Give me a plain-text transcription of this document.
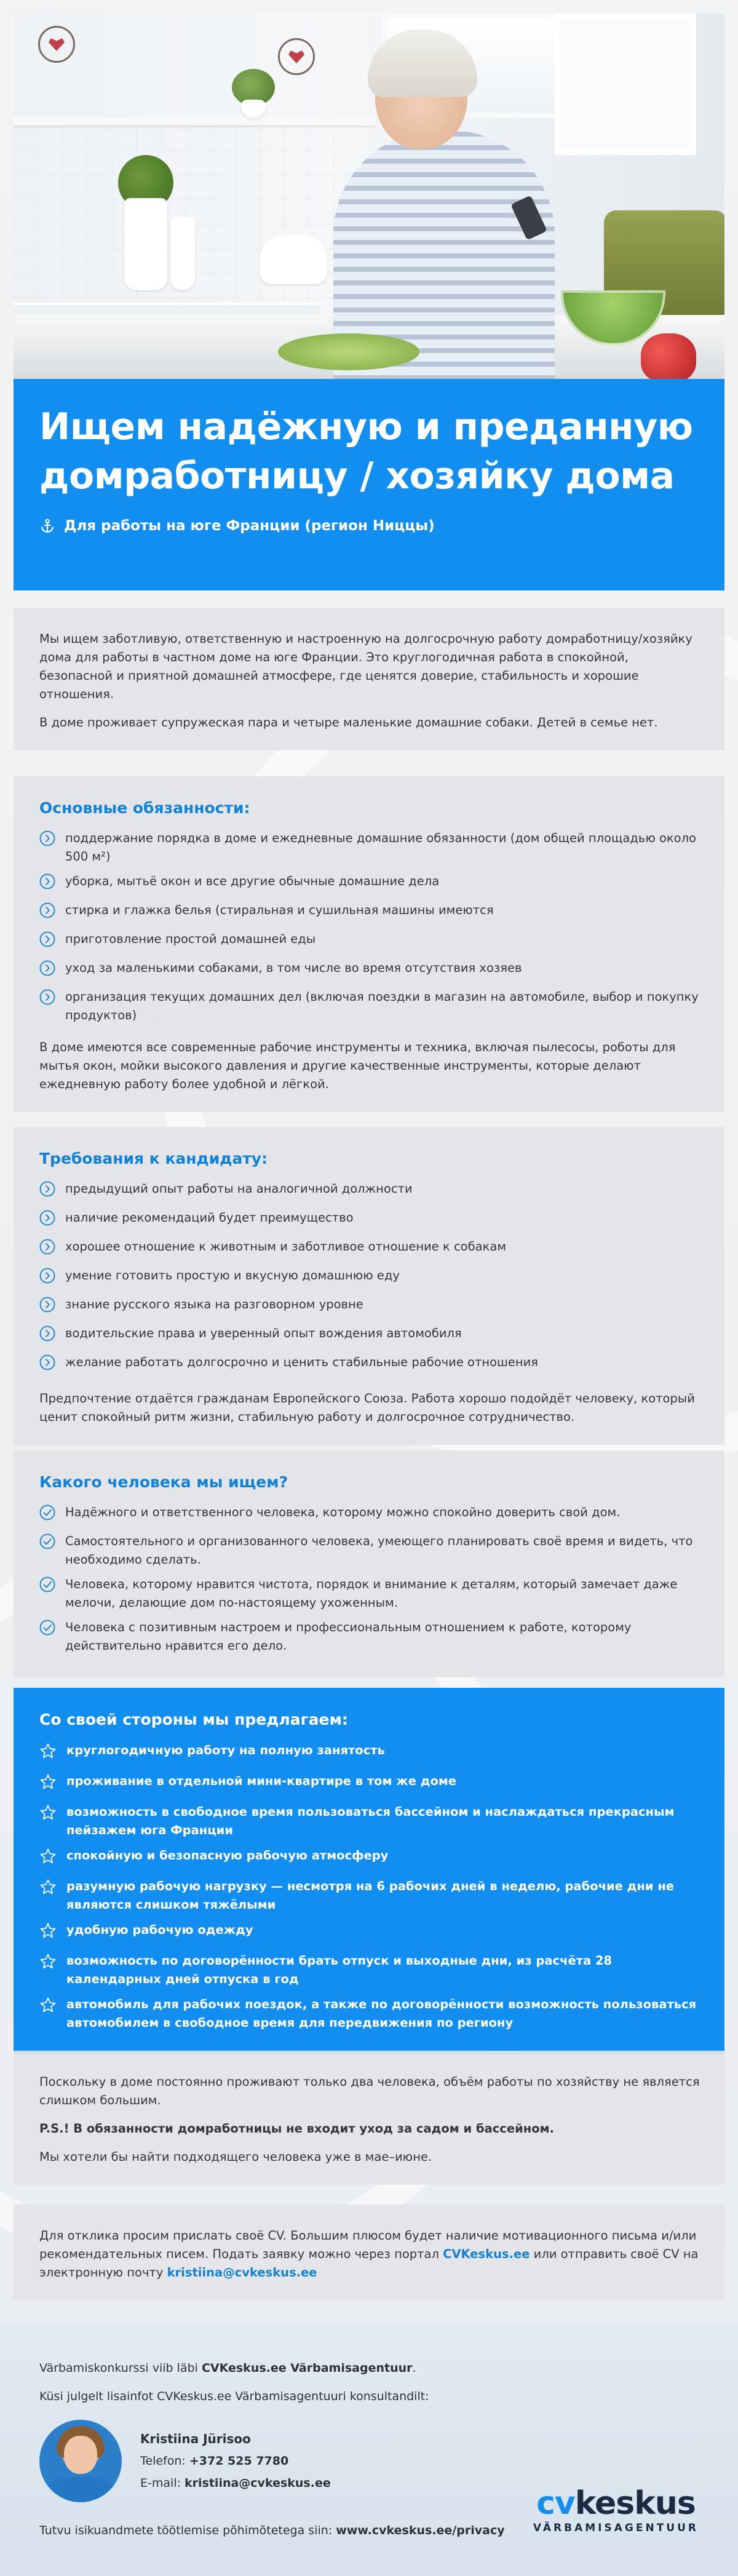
Ищем надёжную и преданную домработницу / хозяйку дома
Для работы на юге Франции (регион Ниццы)

Мы ищем заботливую, ответственную и настроенную на долгосрочную работу домработницу/хозяйку дома для работы в частном доме на юге Франции. Это круглогодичная работа в спокойной, безопасной и приятной домашней атмосфере, где ценятся доверие, стабильность и хорошие отношения.

В доме проживает супружеская пара и четыре маленькие домашние собаки. Детей в семье нет.

Основные обязанности:
поддержание порядка в доме и ежедневные домашние обязанности (дом общей площадью около 500 м²)
уборка, мытьё окон и все другие обычные домашние дела
стирка и глажка белья (стиральная и сушильная машины имеются
приготовление простой домашней еды
уход за маленькими собаками, в том числе во время отсутствия хозяев
организация текущих домашних дел (включая поездки в магазин на автомобиле, выбор и покупку продуктов)

В доме имеются все современные рабочие инструменты и техника, включая пылесосы, роботы для мытья окон, мойки высокого давления и другие качественные инструменты, которые делают ежедневную работу более удобной и лёгкой.

Требования к кандидату:
предыдущий опыт работы на аналогичной должности
наличие рекомендаций будет преимущество
хорошее отношение к животным и заботливое отношение к собакам
умение готовить простую и вкусную домашнюю еду
знание русского языка на разговорном уровне
водительские права и уверенный опыт вождения автомобиля
желание работать долгосрочно и ценить стабильные рабочие отношения

Предпочтение отдаётся гражданам Европейского Союза. Работа хорошо подойдёт человеку, который ценит спокойный ритм жизни, стабильную работу и долгосрочное сотрудничество.

Какого человека мы ищем?
Надёжного и ответственного человека, которому можно спокойно доверить свой дом.
Самостоятельного и организованного человека, умеющего планировать своё время и видеть, что необходимо сделать.
Человека, которому нравится чистота, порядок и внимание к деталям, который замечает даже мелочи, делающие дом по-настоящему ухоженным.
Человека с позитивным настроем и профессиональным отношением к работе, которому действительно нравится его дело.
Со своей стороны мы предлагаем:
круглогодичную работу на полную занятость
проживание в отдельной мини-квартире в том же доме
возможность в свободное время пользоваться бассейном и наслаждаться прекрасным пейзажем юга Франции
спокойную и безопасную рабочую атмосферу
разумную рабочую нагрузку — несмотря на 6 рабочих дней в неделю, рабочие дни не являются слишком тяжёлыми
удобную рабочую одежду
возможность по договорённости брать отпуск и выходные дни, из расчёта 28 календарных дней отпуска в год
автомобиль для рабочих поездок, а также по договорённости возможность пользоваться автомобилем в свободное время для передвижения по региону

Поскольку в доме постоянно проживают только два человека, объём работы по хозяйству не является слишком большим.

P.S.! В обязанности домработницы не входит уход за садом и бассейном.

Мы хотели бы найти подходящего человека уже в мае–июне.

Для отклика просим прислать своё CV. Большим плюсом будет наличие мотивационного письма и/или рекомендательных писем. Подать заявку можно через портал CVKeskus.ee или отправить своё CV на электронную почту kristiina@cvkeskus.ee

Värbamiskonkurssi viib läbi CVKeskus.ee Värbamisagentuur.
Küsi julgelt lisainfot CVKeskus.ee Värbamisagentuuri konsultandilt:
Kristiina Jürisoo
Telefon: +372 525 7780
E-mail: kristiina@cvkeskus.ee
Tutvu isikuandmete töötlemise põhimõtetega siin: www.cvkeskus.ee/privacy
cvkeskus
VÄRBAMISAGENTUUR
